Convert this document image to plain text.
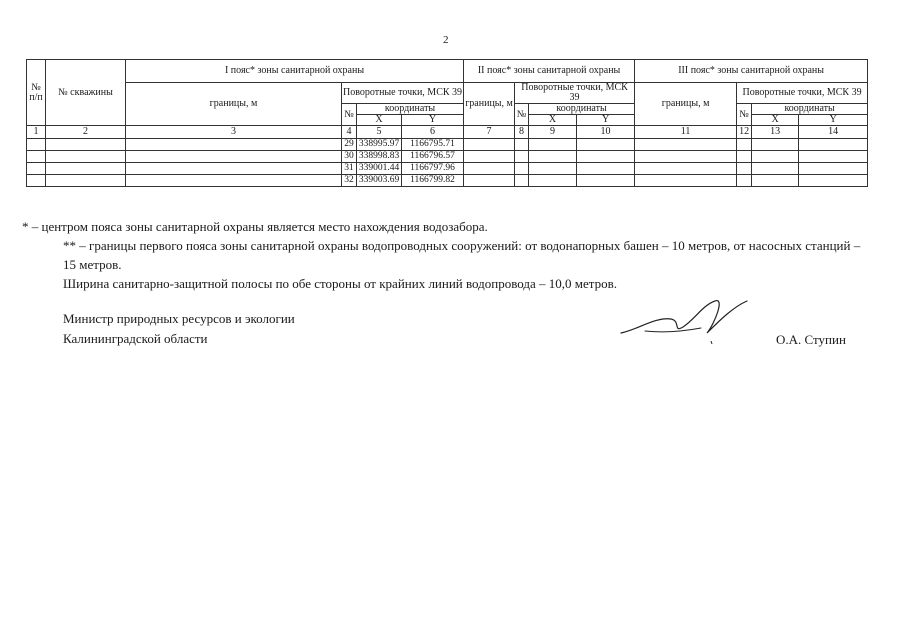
2
№ п/п	№ скважины	I пояс* зоны санитарной охраны				II пояс* зоны санитарной охраны				III пояс* зоны санитарной охраны			
		границы, м	Поворотные точки, МСК 39			границы, м	Поворотные точки, МСК 39			границы, м	Поворотные точки, МСК 39		
			№	координаты			№	координаты			№	координаты	
				X	Y			X	Y			X	Y
1	2	3	4	5	6	7	8	9	10	11	12	13	14
			29	338995.97	1166795.71								
			30	338998.83	1166796.57								
			31	339001.44	1166797.96								
			32	339003.69	1166799.82								

* – центром пояса зоны санитарной охраны является место нахождения водозабора.

** – границы первого пояса зоны санитарной охраны водопроводных сооружений: от водонапорных башен – 10 метров, от насосных станций – 15 метров.

Ширина санитарно-защитной полосы по обе стороны от крайних линий водопровода – 10,0 метров.

Министр природных ресурсов и экологии
Калининградской области	О.А. Ступин
